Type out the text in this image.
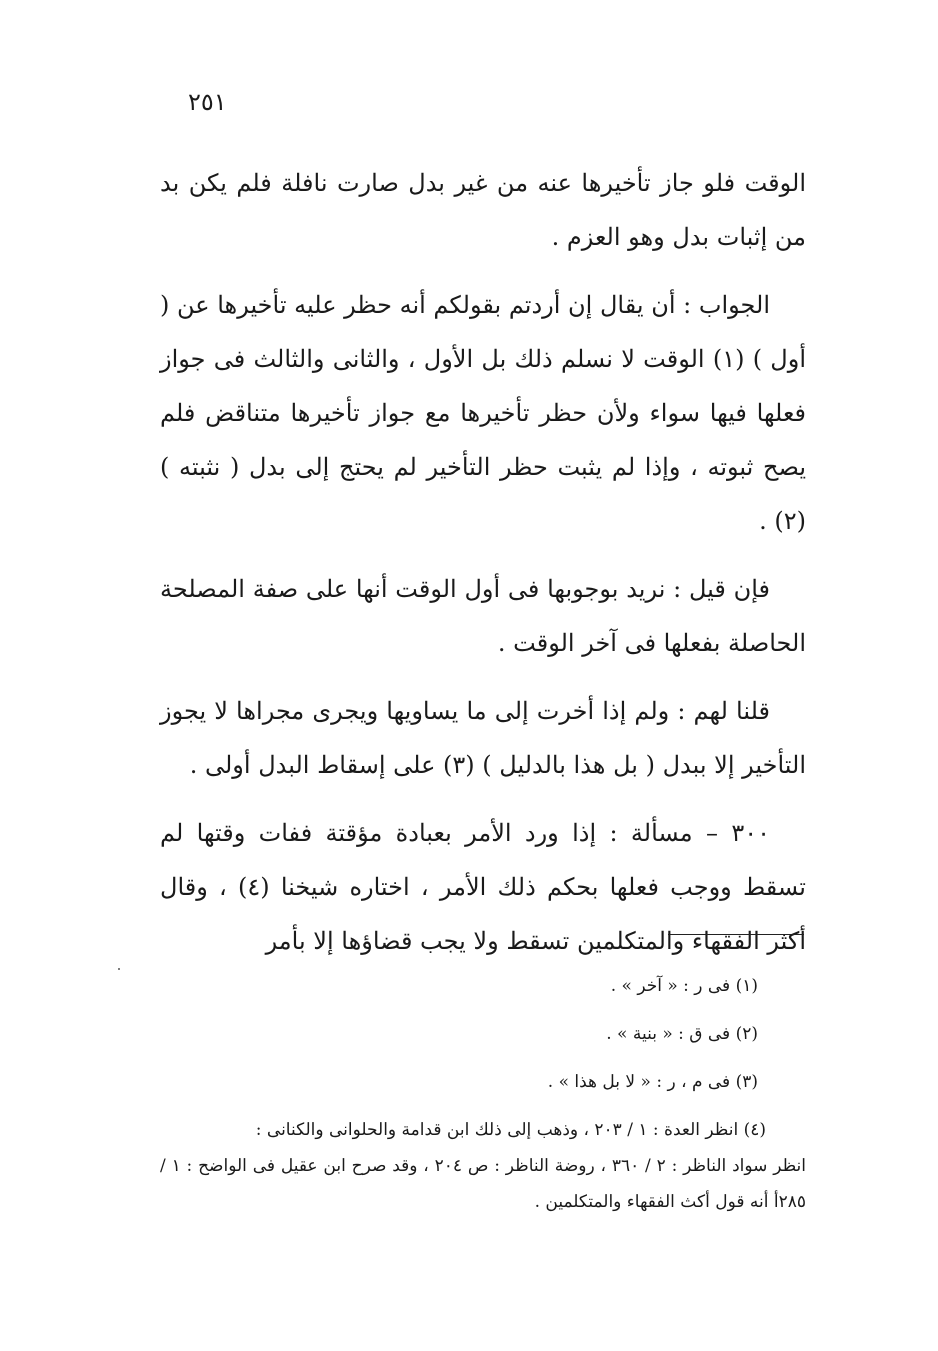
٢٥١

الوقت فلو جاز تأخيرها عنه من غير بدل صارت نافلة فلم يكن بد من إثبات بدل وهو العزم .

الجواب : أن يقال إن أردتم بقولكم أنه حظر عليه تأخيرها عن ( أول ) (١) الوقت لا نسلم ذلك بل الأول ، والثانى والثالث فى جواز فعلها فيها سواء ولأن حظر تأخيرها مع جواز تأخيرها متناقض فلم يصح ثبوته ، وإذا لم يثبت حظر التأخير لم يحتج إلى بدل ( نثبته ) (٢) .

فإن قيل : نريد بوجوبها فى أول الوقت أنها على صفة المصلحة الحاصلة بفعلها فى آخر الوقت .

قلنا لهم : ولم إذا أخرت إلى ما يساويها ويجرى مجراها لا يجوز التأخير إلا ببدل ( بل هذا بالدليل ) (٣) على إسقاط البدل أولى .

٣٠٠ – مسألة : إذا ورد الأمر بعبادة مؤقتة ففات وقتها لم تسقط ووجب فعلها بحكم ذلك الأمر ، اختاره شيخنا (٤) ، وقال أكثر الفقهاء والمتكلمين تسقط ولا يجب قضاؤها إلا بأمر

(١) فى ر : « آخر » .

(٢) فى ق : « بنية » .

(٣) فى م ، ر : « لا بل هذا » .

(٤) انظر العدة : ١ / ٢٠٣ ، وذهب إلى ذلك ابن قدامة والحلوانى والكنانى :

انظر سواد الناظر : ٢ / ٣٦٠ ، روضة الناظر : ص ٢٠٤ ، وقد صرح ابن عقيل فى الواضح : ١ / ٢٨٥أ أنه قول أكث الفقهاء والمتكلمين .
